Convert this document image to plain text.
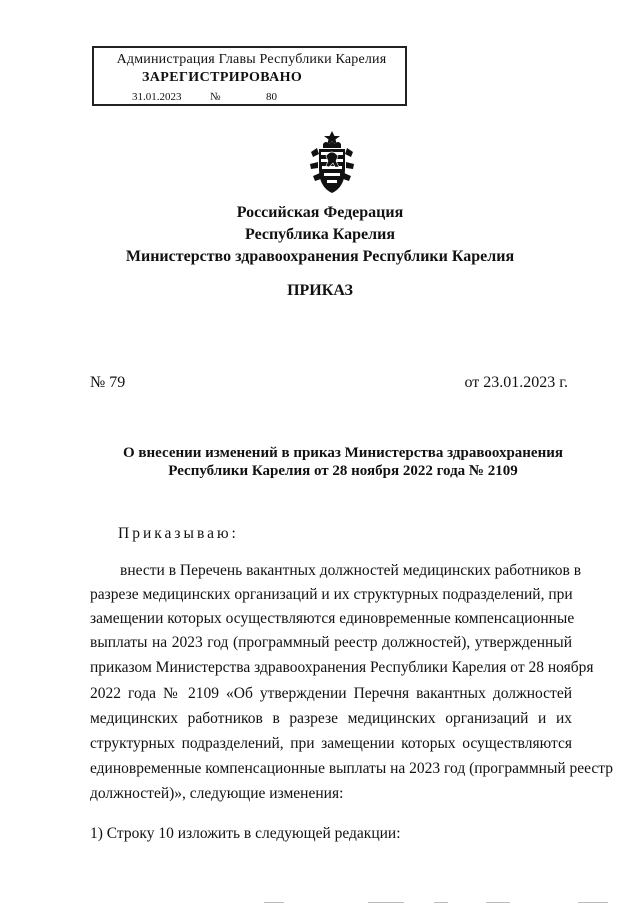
Администрация Главы Республики Карелия
ЗАРЕГИСТРИРОВАНО
31.01.2023	№	80
Российская Федерация
Республика Карелия
Министерство здравоохранения Республики Карелия
ПРИКАЗ
№ 79	от 23.01.2023 г.
О внесении изменений в приказ Министерства здравоохранения
Республики Карелия от 28 ноября 2022 года № 2109
Приказываю:
внести в Перечень вакантных должностей медицинских работников в
разрезе медицинских организаций и их структурных подразделений, при
замещении которых осуществляются единовременные компенсационные
выплаты на 2023 год (программный реестр должностей), утвержденный
приказом Министерства здравоохранения Республики Карелия от 28 ноября
2022 года № 2109 «Об утверждении Перечня вакантных должностей
медицинских работников в разрезе медицинских организаций и их
структурных подразделений, при замещении которых осуществляются
единовременные компенсационные выплаты на 2023 год (программный реестр
должностей)», следующие изменения:
1) Строку 10 изложить в следующей редакции:
